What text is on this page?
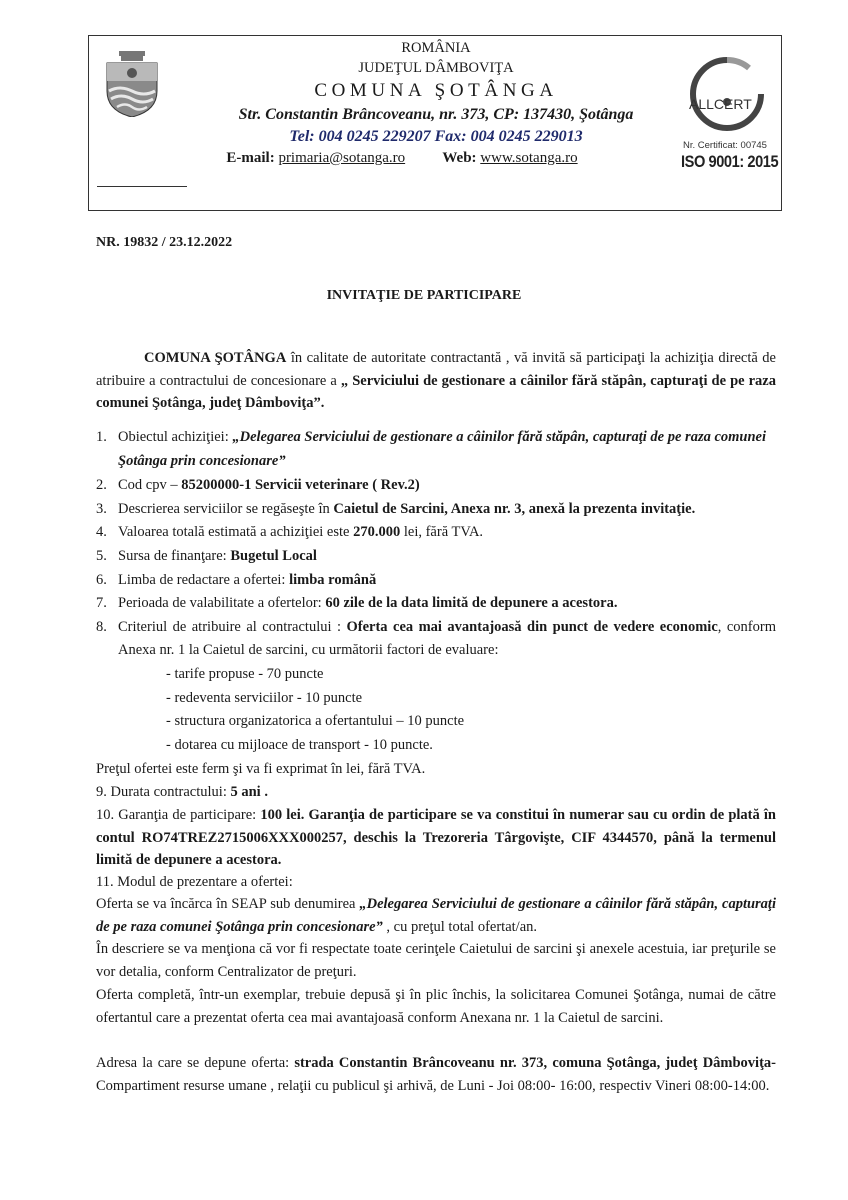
ROMÂNIA
JUDEŢUL DÂMBOVIŢA
COMUNA ŞOTÂNGA
Str. Constantin Brâncoveanu, nr. 373, CP: 137430, Şotânga
Tel: 004 0245 229207 Fax: 004 0245 229013
E-mail: primaria@sotanga.ro Web: www.sotanga.ro
ALLCERT
Nr. Certificat: 00745
ISO 9001: 2015
NR. 19832 / 23.12.2022
INVITAŢIE DE PARTICIPARE
COMUNA ŞOTÂNGA în calitate de autoritate contractantă , vă invită să participaţi la achiziţia directă de atribuire a contractului de concesionare a „ Serviciului de gestionare a câinilor fără stăpân, capturaţi de pe raza comunei Şotânga, judeţ Dâmboviţa”.
1. Obiectul achiziţiei: „Delegarea Serviciului de gestionare a câinilor fără stăpân, capturaţi de pe raza comunei Şotânga prin concesionare”
2. Cod cpv – 85200000-1 Servicii veterinare ( Rev.2)
3. Descrierea serviciilor se regăseşte în Caietul de Sarcini, Anexa nr. 3, anexă la prezenta invitaţie.
4. Valoarea totală estimată a achiziţiei este 270.000 lei, fără TVA.
5. Sursa de finanţare: Bugetul Local
6. Limba de redactare a ofertei: limba română
7. Perioada de valabilitate a ofertelor: 60 zile de la data limită de depunere a acestora.
8. Criteriul de atribuire al contractului : Oferta cea mai avantajoasă din punct de vedere economic, conform Anexa nr. 1 la Caietul de sarcini, cu următorii factori de evaluare:
- tarife propuse - 70 puncte
- redeventa serviciilor - 10 puncte
- structura organizatorica a ofertantului – 10 puncte
- dotarea cu mijloace de transport - 10 puncte.
Preţul ofertei este ferm şi va fi exprimat în lei, fără TVA.
9. Durata contractului: 5 ani .
10. Garanţia de participare: 100 lei. Garanţia de participare se va constitui în numerar sau cu ordin de plată în contul RO74TREZ2715006XXX000257, deschis la Trezoreria Târgovişte, CIF 4344570, până la termenul limită de depunere a acestora.
11. Modul de prezentare a ofertei:
Oferta se va încărca în SEAP sub denumirea „Delegarea Serviciului de gestionare a câinilor fără stăpân, capturaţi de pe raza comunei Şotânga prin concesionare” , cu preţul total ofertat/an.
În descriere se va menţiona că vor fi respectate toate cerinţele Caietului de sarcini şi anexele acestuia, iar preţurile se vor detalia, conform Centralizator de preţuri.
Oferta completă, într-un exemplar, trebuie depusă şi în plic închis, la solicitarea Comunei Şotânga, numai de către ofertantul care a prezentat oferta cea mai avantajoasă conform Anexana nr. 1 la Caietul de sarcini.
Adresa la care se depune oferta: strada Constantin Brâncoveanu nr. 373, comuna Şotânga, judeţ Dâmboviţa- Compartiment resurse umane , relaţii cu publicul şi arhivă, de Luni - Joi 08:00- 16:00, respectiv Vineri 08:00-14:00.
